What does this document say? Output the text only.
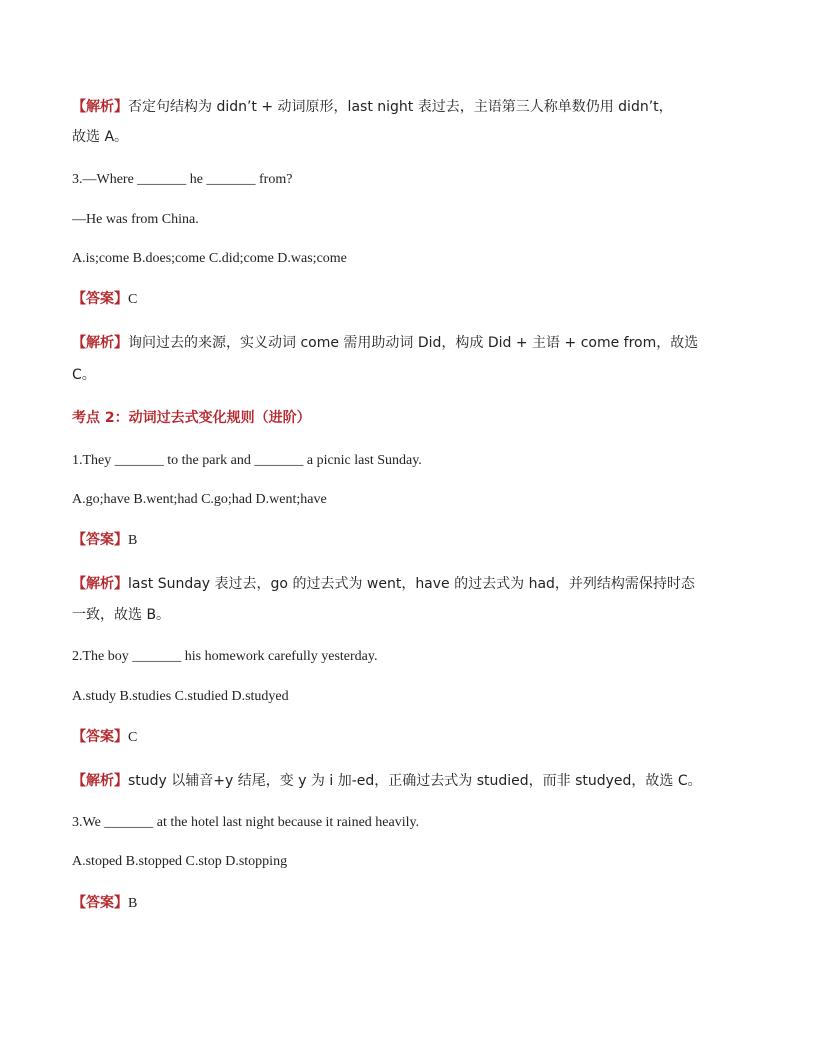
【解析】否定句结构为 didn’t + 动词原形，last night 表过去，主语第三人称单数仍用 didn’t，
故选 A。
3.—Where _______ he _______ from?
—He was from China.
A.is;come B.does;come C.did;come D.was;come
【答案】C
【解析】询问过去的来源，实义动词 come 需用助动词 Did，构成 Did + 主语 + come from，故选
C。
考点 2：动词过去式变化规则（进阶）
1.They _______ to the park and _______ a picnic last Sunday.
A.go;have B.went;had C.go;had D.went;have
【答案】B
【解析】last Sunday 表过去，go 的过去式为 went，have 的过去式为 had，并列结构需保持时态
一致，故选 B。
2.The boy _______ his homework carefully yesterday.
A.study B.studies C.studied D.studyed
【答案】C
【解析】study 以辅音+y 结尾，变 y 为 i 加-ed，正确过去式为 studied，而非 studyed，故选 C。
3.We _______ at the hotel last night because it rained heavily.
A.stoped B.stopped C.stop D.stopping
【答案】B
